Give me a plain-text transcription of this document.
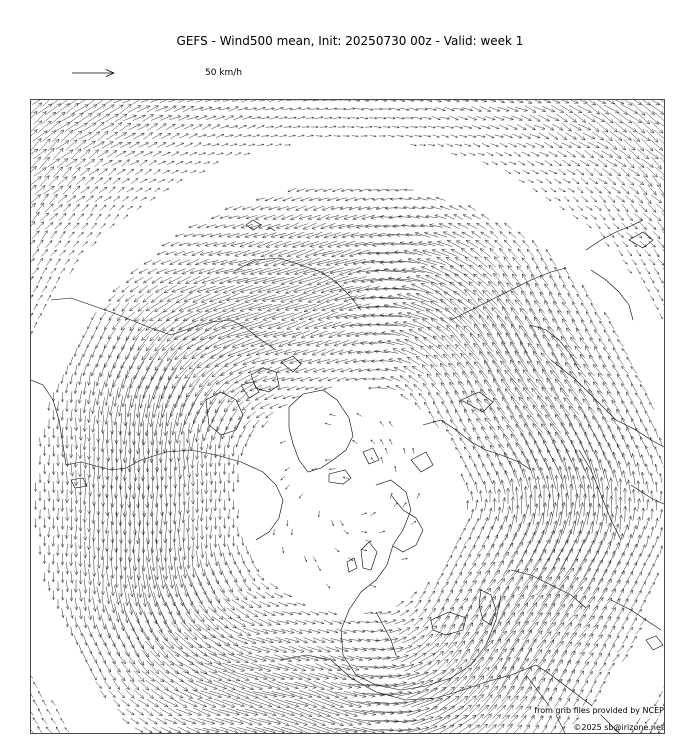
GEFS - Wind500 mean, Init: 20250730 00z - Valid: week 1
50 km/h
from grib files provided by NCEP
©2025 sb@irizone.net
